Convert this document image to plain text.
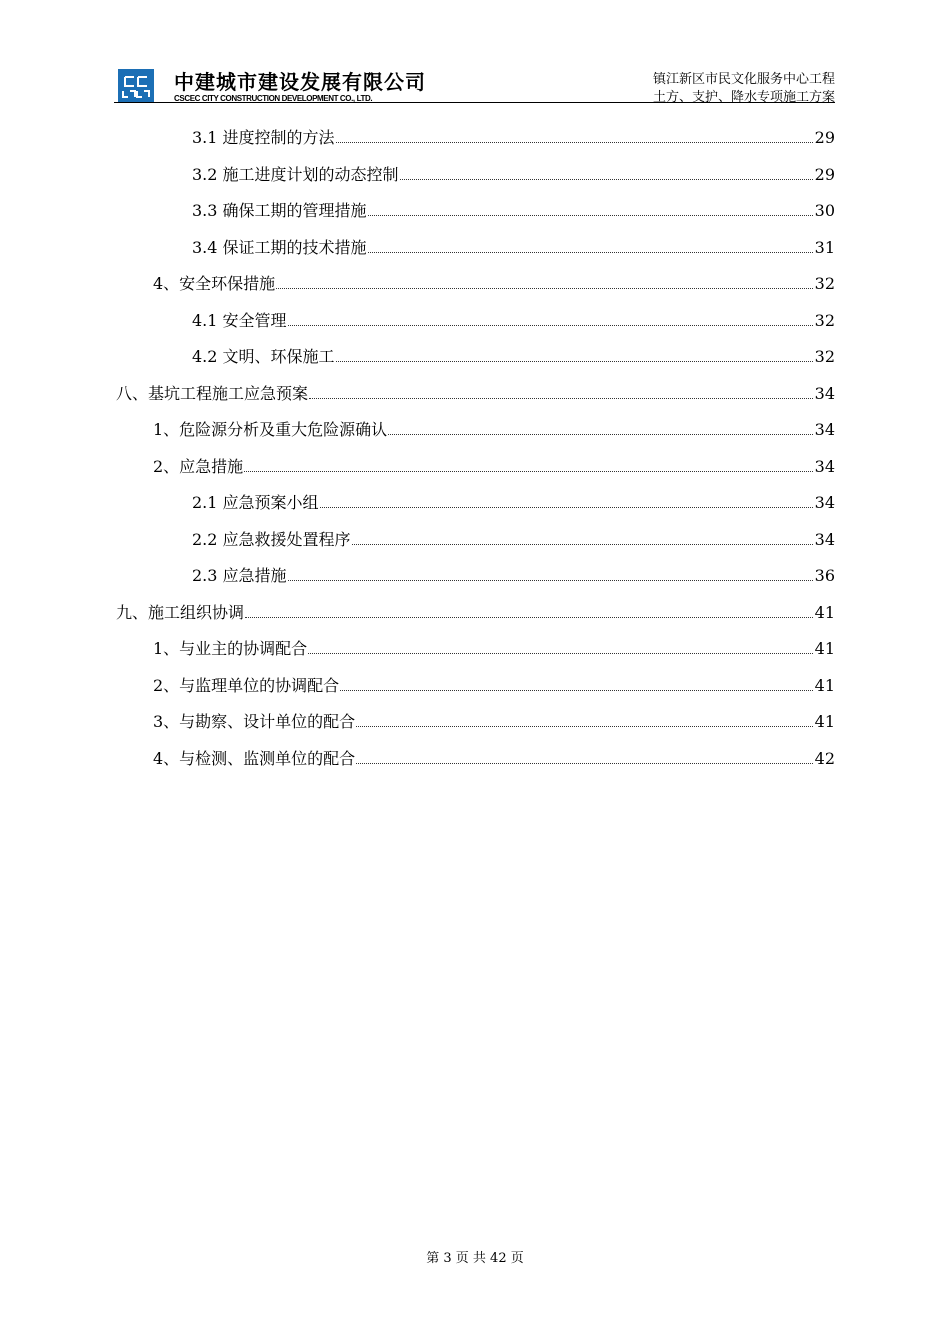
中建城市建设发展有限公司
CSCEC CITY CONSTRUCTION DEVELOPMENT CO., LTD.
镇江新区市民文化服务中心工程
土方、支护、降水专项施工方案
3.1 进度控制的方法	29
3.2 施工进度计划的动态控制	29
3.3 确保工期的管理措施	30
3.4 保证工期的技术措施	31
4、安全环保措施	32
4.1 安全管理	32
4.2 文明、环保施工	32
八、基坑工程施工应急预案	34
1、危险源分析及重大危险源确认	34
2、应急措施	34
2.1 应急预案小组	34
2.2 应急救援处置程序	34
2.3 应急措施	36
九、施工组织协调	41
1、与业主的协调配合	41
2、与监理单位的协调配合	41
3、与勘察、设计单位的配合	41
4、与检测、监测单位的配合	42
第 3 页 共 42 页
